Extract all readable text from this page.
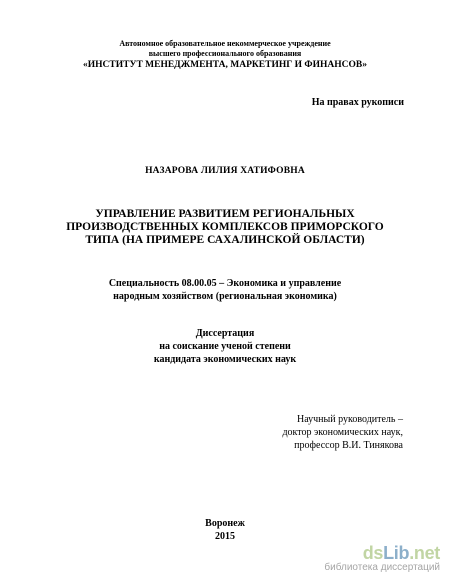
Автономное образовательное некоммерческое учреждение
высшего профессионального образования
«ИНСТИТУТ МЕНЕДЖМЕНТА, МАРКЕТИНГ И ФИНАНСОВ»
На правах рукописи
НАЗАРОВА ЛИЛИЯ ХАТИФОВНА
УПРАВЛЕНИЕ РАЗВИТИЕМ РЕГИОНАЛЬНЫХ
ПРОИЗВОДСТВЕННЫХ КОМПЛЕКСОВ ПРИМОРСКОГО
ТИПА (НА ПРИМЕРЕ САХАЛИНСКОЙ ОБЛАСТИ)
Специальность 08.00.05 – Экономика и управление
народным хозяйством (региональная экономика)
Диссертация
на соискание ученой степени
кандидата экономических наук
Научный руководитель –
доктор экономических наук,
профессор В.И. Тинякова
Воронеж
2015
dsLib.net
библиотека диссертаций
